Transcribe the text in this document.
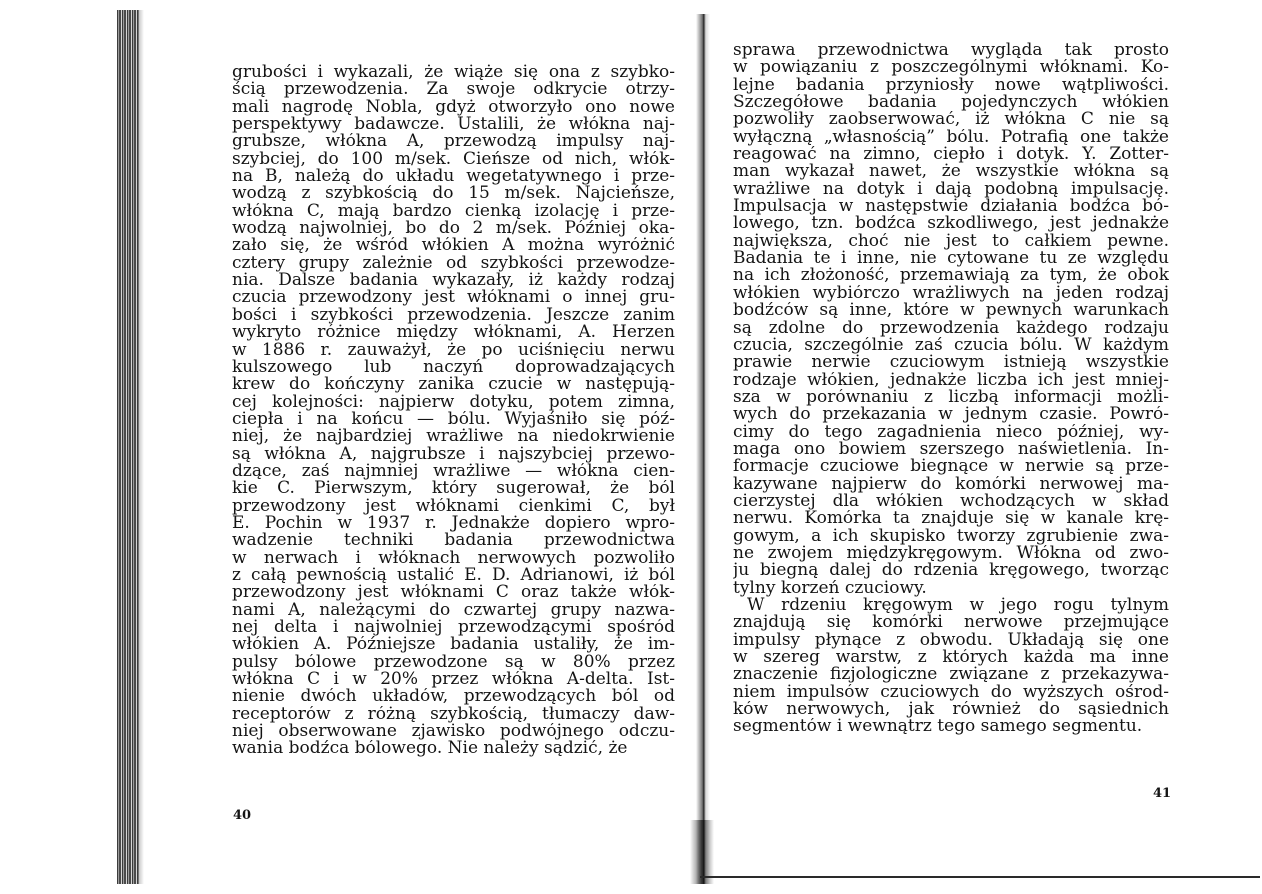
grubości i wykazali, że wiąże się ona z szybko-
ścią przewodzenia. Za swoje odkrycie otrzy-
mali nagrodę Nobla, gdyż otworzyło ono nowe
perspektywy badawcze. Ustalili, że włókna naj-
grubsze, włókna A, przewodzą impulsy naj-
szybciej, do 100 m/sek. Cieńsze od nich, włók-
na B, należą do układu wegetatywnego i prze-
wodzą z szybkością do 15 m/sek. Najcieńsze,
włókna C, mają bardzo cienką izolację i prze-
wodzą najwolniej, bo do 2 m/sek. Później oka-
zało się, że wśród włókien A można wyróżnić
cztery grupy zależnie od szybkości przewodze-
nia. Dalsze badania wykazały, iż każdy rodzaj
czucia przewodzony jest włóknami o innej gru-
bości i szybkości przewodzenia. Jeszcze zanim
wykryto różnice między włóknami, A. Herzen
w 1886 r. zauważył, że po uciśnięciu nerwu
kulszowego lub naczyń doprowadzających
krew do kończyny zanika czucie w następują-
cej kolejności: najpierw dotyku, potem zimna,
ciepła i na końcu — bólu. Wyjaśniło się póź-
niej, że najbardziej wrażliwe na niedokrwienie
są włókna A, najgrubsze i najszybciej przewo-
dzące, zaś najmniej wrażliwe — włókna cien-
kie C. Pierwszym, który sugerował, że ból
przewodzony jest włóknami cienkimi C, był
E. Pochin w 1937 r. Jednakże dopiero wpro-
wadzenie techniki badania przewodnictwa
w nerwach i włóknach nerwowych pozwoliło
z całą pewnością ustalić E. D. Adrianowi, iż ból
przewodzony jest włóknami C oraz także włók-
nami A, należącymi do czwartej grupy nazwa-
nej delta i najwolniej przewodzącymi spośród
włókien A. Późniejsze badania ustaliły, że im-
pulsy bólowe przewodzone są w 80% przez
włókna C i w 20% przez włókna A-delta. Ist-
nienie dwóch układów, przewodzących ból od
receptorów z różną szybkością, tłumaczy daw-
niej obserwowane zjawisko podwójnego odczu-
wania bodźca bólowego. Nie należy sądzić, że
40
sprawa przewodnictwa wygląda tak prosto
w powiązaniu z poszczególnymi włóknami. Ko-
lejne badania przyniosły nowe wątpliwości.
Szczegółowe badania pojedynczych włókien
pozwoliły zaobserwować, iż włókna C nie są
wyłączną „własnością” bólu. Potrafią one także
reagować na zimno, ciepło i dotyk. Y. Zotter-
man wykazał nawet, że wszystkie włókna są
wrażliwe na dotyk i dają podobną impulsację.
Impulsacja w następstwie działania bodźca bó-
lowego, tzn. bodźca szkodliwego, jest jednakże
największa, choć nie jest to całkiem pewne.
Badania te i inne, nie cytowane tu ze względu
na ich złożoność, przemawiają za tym, że obok
włókien wybiórczo wrażliwych na jeden rodzaj
bodźców są inne, które w pewnych warunkach
są zdolne do przewodzenia każdego rodzaju
czucia, szczególnie zaś czucia bólu. W każdym
prawie nerwie czuciowym istnieją wszystkie
rodzaje włókien, jednakże liczba ich jest mniej-
sza w porównaniu z liczbą informacji możli-
wych do przekazania w jednym czasie. Powró-
cimy do tego zagadnienia nieco później, wy-
maga ono bowiem szerszego naświetlenia. In-
formacje czuciowe biegnące w nerwie są prze-
kazywane najpierw do komórki nerwowej ma-
cierzystej dla włókien wchodzących w skład
nerwu. Komórka ta znajduje się w kanale krę-
gowym, a ich skupisko tworzy zgrubienie zwa-
ne zwojem międzykręgowym. Włókna od zwo-
ju biegną dalej do rdzenia kręgowego, tworząc
tylny korzeń czuciowy.
W rdzeniu kręgowym w jego rogu tylnym
znajdują się komórki nerwowe przejmujące
impulsy płynące z obwodu. Układają się one
w szereg warstw, z których każda ma inne
znaczenie fizjologiczne związane z przekazywa-
niem impulsów czuciowych do wyższych ośrod-
ków nerwowych, jak również do sąsiednich
segmentów i wewnątrz tego samego segmentu.
41
